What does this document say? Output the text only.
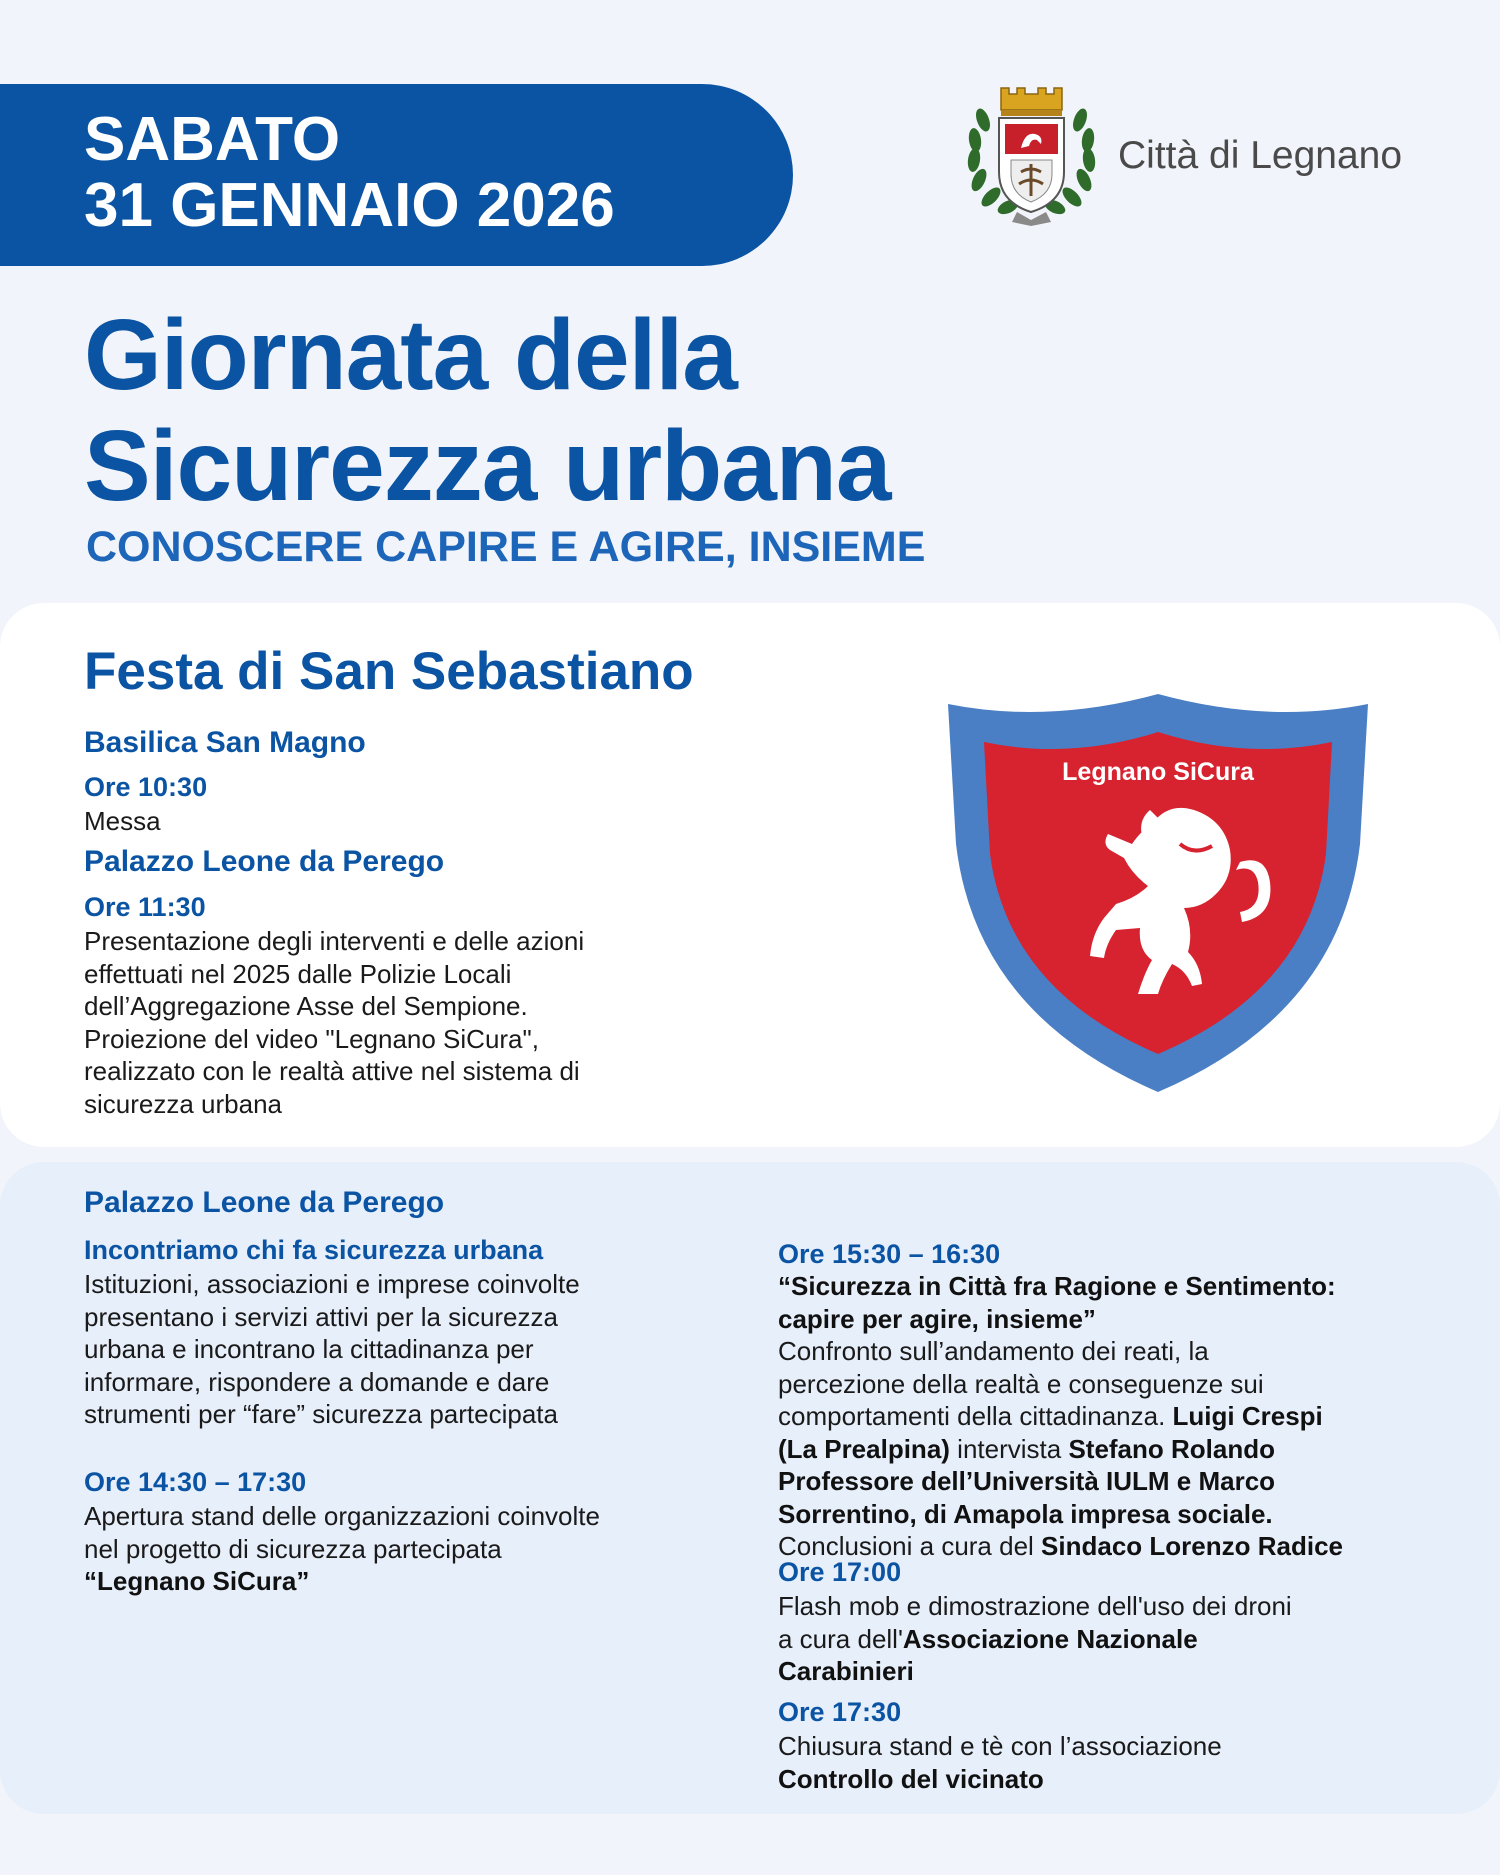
SABATO
31 GENNAIO 2026
Città di Legnano
Giornata della
Sicurezza urbana
CONOSCERE CAPIRE E AGIRE, INSIEME
Festa di San Sebastiano
Basilica San Magno
Ore 10:30
Messa
Palazzo Leone da Perego
Ore 11:30
Presentazione degli interventi e delle azioni
effettuati nel 2025 dalle Polizie Locali
dell’Aggregazione Asse del Sempione.
Proiezione del video "Legnano SiCura",
realizzato con le realtà attive nel sistema di
sicurezza urbana
Legnano SiCura
Palazzo Leone da Perego
Incontriamo chi fa sicurezza urbana
Istituzioni, associazioni e imprese coinvolte
presentano i servizi attivi per la sicurezza
urbana e incontrano la cittadinanza per
informare, rispondere a domande e dare
strumenti per “fare” sicurezza partecipata
Ore 14:30 – 17:30
Apertura stand delle organizzazioni coinvolte
nel progetto di sicurezza partecipata
“Legnano SiCura”
Ore 15:30 – 16:30
“Sicurezza in Città fra Ragione e Sentimento:
capire per agire, insieme”
Confronto sull’andamento dei reati, la
percezione della realtà e conseguenze sui
comportamenti della cittadinanza. Luigi Crespi
(La Prealpina) intervista Stefano Rolando
Professore dell’Università IULM e Marco
Sorrentino, di Amapola impresa sociale.
Conclusioni a cura del Sindaco Lorenzo Radice
Ore 17:00
Flash mob e dimostrazione dell'uso dei droni
a cura dell'Associazione Nazionale
Carabinieri
Ore 17:30
Chiusura stand e tè con l’associazione
Controllo del vicinato
